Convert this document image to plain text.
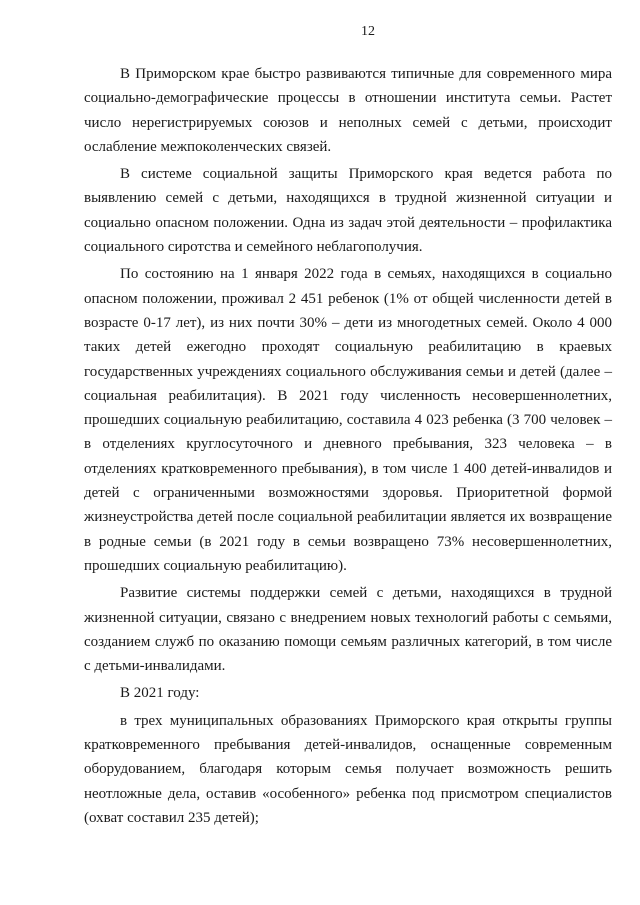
12

В Приморском крае быстро развиваются типичные для современного мира социально-демографические процессы в отношении института семьи. Растет число нерегистрируемых союзов и неполных семей с детьми, происходит ослабление межпоколенческих связей.

В системе социальной защиты Приморского края ведется работа по выявлению семей с детьми, находящихся в трудной жизненной ситуации и социально опасном положении. Одна из задач этой деятельности – профилактика социального сиротства и семейного неблагополучия.

По состоянию на 1 января 2022 года в семьях, находящихся в социально опасном положении, проживал 2 451 ребенок (1% от общей численности детей в возрасте 0-17 лет), из них почти 30% – дети из многодетных семей. Около 4 000 таких детей ежегодно проходят социальную реабилитацию в краевых государственных учреждениях социального обслуживания семьи и детей (далее – социальная реабилитация). В 2021 году численность несовершеннолетних, прошедших социальную реабилитацию, составила 4 023 ребенка (3 700 человек – в отделениях круглосуточного и дневного пребывания, 323 человека – в отделениях кратковременного пребывания), в том числе 1 400 детей-инвалидов и детей с ограниченными возможностями здоровья. Приоритетной формой жизнеустройства детей после социальной реабилитации является их возвращение в родные семьи (в 2021 году в семьи возвращено 73% несовершеннолетних, прошедших социальную реабилитацию).

Развитие системы поддержки семей с детьми, находящихся в трудной жизненной ситуации, связано с внедрением новых технологий работы с семьями, созданием служб по оказанию помощи семьям различных категорий, в том числе с детьми-инвалидами.

В 2021 году:

в трех муниципальных образованиях Приморского края открыты группы кратковременного пребывания детей-инвалидов, оснащенные современным оборудованием, благодаря которым семья получает возможность решить неотложные дела, оставив «особенного» ребенка под присмотром специалистов (охват составил 235 детей);
